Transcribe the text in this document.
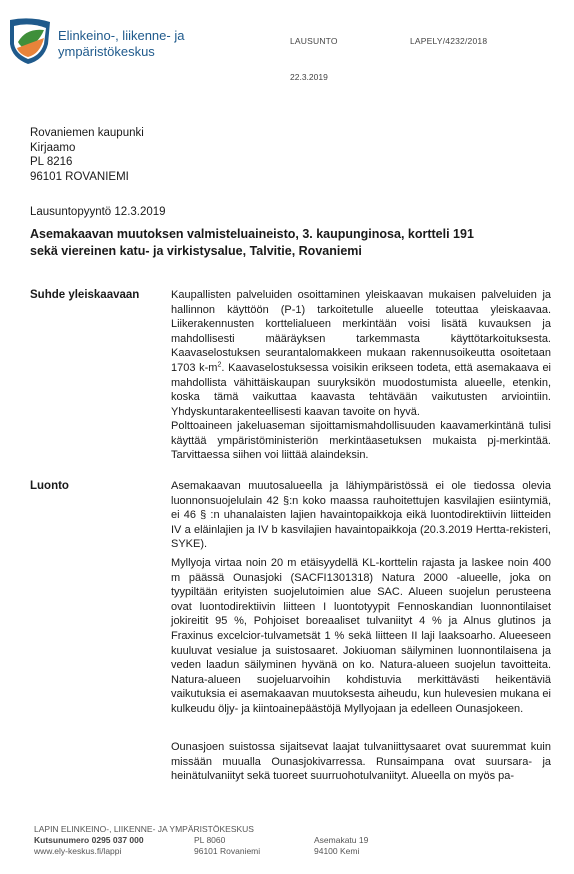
Elinkeino-, liikenne- ja
ympäristökeskus
LAUSUNTO	LAPELY/4232/2018
22.3.2019
Rovaniemen kaupunki
Kirjaamo
PL 8216
96101 ROVANIEMI
Lausuntopyyntö 12.3.2019
Asemakaavan muutoksen valmisteluaineisto, 3. kaupunginosa, kortteli 191
sekä viereinen katu- ja virkistysalue, Talvitie, Rovaniemi
Suhde yleiskaavaan	Kaupallisten palveluiden osoittaminen yleiskaavan mukaisen palveluiden ja hallinnon käyttöön (P-1) tarkoitetulle alueelle toteuttaa yleiskaavaa. Liikerakennusten korttelialueen merkintään voisi lisätä kuvauksen ja mahdollisesti määräyksen tarkemmasta käyttötarkoituksesta. Kaavaselostuksen seurantalomakkeen mukaan rakennusoikeutta osoitetaan 1703 $k-m^2$. Kaavaselostuksessa voisikin erikseen todeta, että asemakaava ei mahdollista vähittäiskaupan suuryksikön muodostumista alueelle, etenkin, koska tämä vaikuttaa kaavasta tehtävään vaikutusten arviointiin. Yhdyskuntarakenteellisesti kaavan tavoite on hyvä.

Polttoaineen jakeluaseman sijoittamismahdollisuuden kaavamerkintänä tulisi käyttää ympäristöministeriön merkintäasetuksen mukaista pj-merkintää. Tarvittaessa siihen voi liittää alaindeksin.

Luonto	Asemakaavan muutosalueella ja lähiympäristössä ei ole tiedossa olevia luonnonsuojelulain 42 §:n koko maassa rauhoitettujen kasvilajien esiintymiä, ei 46 § :n uhanalaisten lajien havaintopaikkoja eikä luontodirektiivin liitteiden IV a eläinlajien ja IV b kasvilajien havaintopaikkoja (20.3.2019 Hertta-rekisteri, SYKE).

Myllyoja virtaa noin 20 m etäisyydellä KL-korttelin rajasta ja laskee noin 400 m päässä Ounasjoki (SACFI1301318) Natura 2000 -alueelle, joka on tyypiltään erityisten suojelutoimien alue SAC. Alueen suojelun perusteena ovat luontodirektiivin liitteen I luontotyypit Fennoskandian luonnontilaiset jokireitit 95 %, Pohjoiset boreaaliset tulvaniityt 4 % ja Alnus glutinos ja Fraxinus excelcior-tulvametsät 1 % sekä liitteen II laji laaksoarho. Alueeseen kuuluvat vesialue ja suistosaaret. Jokiuoman säilyminen luonnontilaisena ja veden laadun säilyminen hyvänä on ko. Natura-alueen suojelun tavoitteita. Natura-alueen suojeluarvoihin kohdistuvia merkittävästi heikentäviä vaikutuksia ei asemakaavan muutoksesta aiheudu, kun hulevesien mukana ei kulkeudu öljy- ja kiintoainepäästöjä Myllyojaan ja edelleen Ounasjokeen.

Ounasjoen suistossa sijaitsevat laajat tulvaniittysaaret ovat suuremmat kuin missään muualla Ounasjokivarressa. Runsaimpana ovat suursara- ja heinätulvaniityt sekä tuoreet suurruohotulvaniityt. Alueella on myös pa-

LAPIN ELINKEINO-, LIIKENNE- JA YMPÄRISTÖKESKUS
Kutsunumero 0295 037 000
www.ely-keskus.fi/lappi
PL 8060
96101 Rovaniemi
Asemakatu 19
94100 Kemi
